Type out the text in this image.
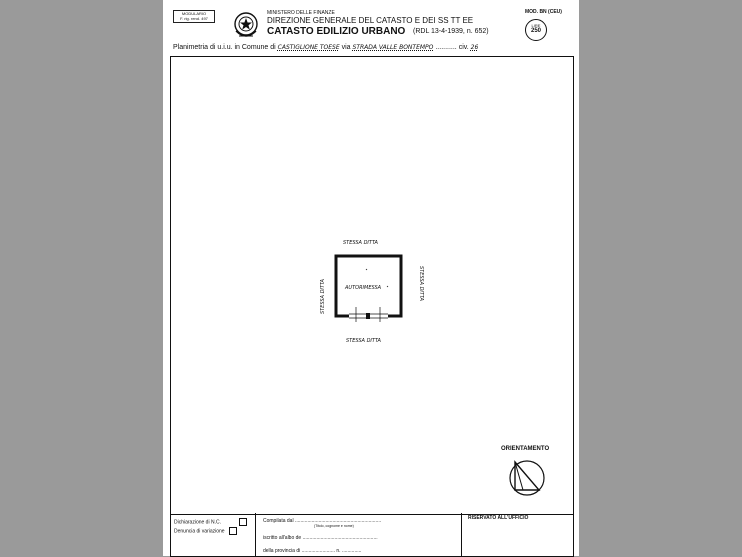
MODULARIO
F. rig. rend. 497
MINISTERO DELLE FINANZE
DIREZIONE GENERALE DEL CATASTO E DEI SS TT EE
CATASTO EDILIZIO URBANO (RDL 13-4-1939, n. 652)
MOD. BN (CEU)
LIRE
250
Planimetria di u.i.u. in Comune di CASTIGLIONE TOESE via STRADA VALLE BONTEMPO ........... civ. 26
STESSA DITTA
AUTORIMESSA
STESSA DITTA
STESSA DITTA	STESSA DITTA
ORIENTAMENTO
Dichiarazione di N.C.
Denuncia di variazione
Compilata dal ..............................................................
(Titolo, cognome e nome)
iscritto all'albo de ......................................................
della provincia di ........................ n. ..............
RISERVATO ALL'UFFICIO
